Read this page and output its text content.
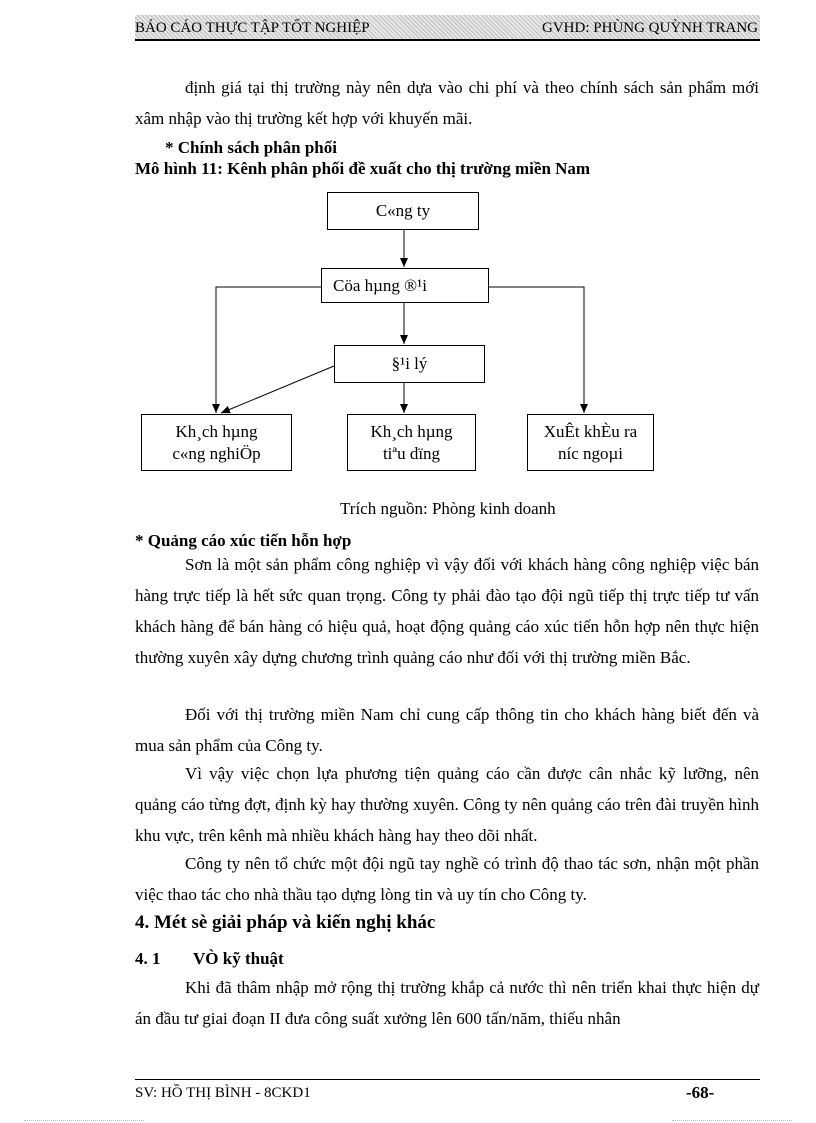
BÁO CÁO THỰC TẬP TỐT NGHIỆP	GVHD: PHÙNG QUỲNH TRANG

định giá tại thị trường này nên dựa vào chi phí và theo chính sách sản phẩm mới xâm nhập vào thị trường kết hợp với khuyến mãi.

* Chính sách phân phối
Mô hình 11: Kênh phân phối đề xuất cho thị trường miền Nam
C«ng ty
Cöa hµng ®¹i
§¹i lý
Kh¸ch hµng
c«ng nghiÖp
Kh¸ch hµng
tiªu dïng
XuÊt khÈu ra
níc ngoµi
Trích nguồn: Phòng kinh doanh
* Quảng cáo xúc tiến hỗn hợp

Sơn là một sản phẩm công nghiệp vì vậy đối với khách hàng công nghiệp việc bán hàng trực tiếp là hết sức quan trọng. Công ty phải đào tạo đội ngũ tiếp thị trực tiếp tư vấn khách hàng để bán hàng có hiệu quả, hoạt động quảng cáo xúc tiến hỗn hợp nên thực hiện thường xuyên xây dựng chương trình quảng cáo như đối với thị trường miền Bắc.

Đối với thị trường miền Nam chỉ cung cấp thông tin cho khách hàng biết đến và mua sản phẩm của Công ty.

Vì vậy việc chọn lựa phương tiện quảng cáo cần được cân nhắc kỹ lưỡng, nên quảng cáo từng đợt, định kỳ hay thường xuyên. Công ty nên quảng cáo trên đài truyền hình khu vực, trên kênh mà nhiều khách hàng hay theo dõi nhất.

Công ty nên tổ chức một đội ngũ tay nghề có trình độ thao tác sơn, nhận một phần việc thao tác cho nhà thầu tạo dựng lòng tin và uy tín cho Công ty.

4. Mét sè giải pháp và kiến nghị khác
4. 1 VÒ kỹ thuật

Khi đã thâm nhập mở rộng thị trường khắp cả nước thì nên triển khai thực hiện dự án đầu tư giai đoạn II đưa công suất xưởng lên 600 tấn/năm, thiếu nhân

SV: HỒ THỊ BÌNH - 8CKD1	-68-
